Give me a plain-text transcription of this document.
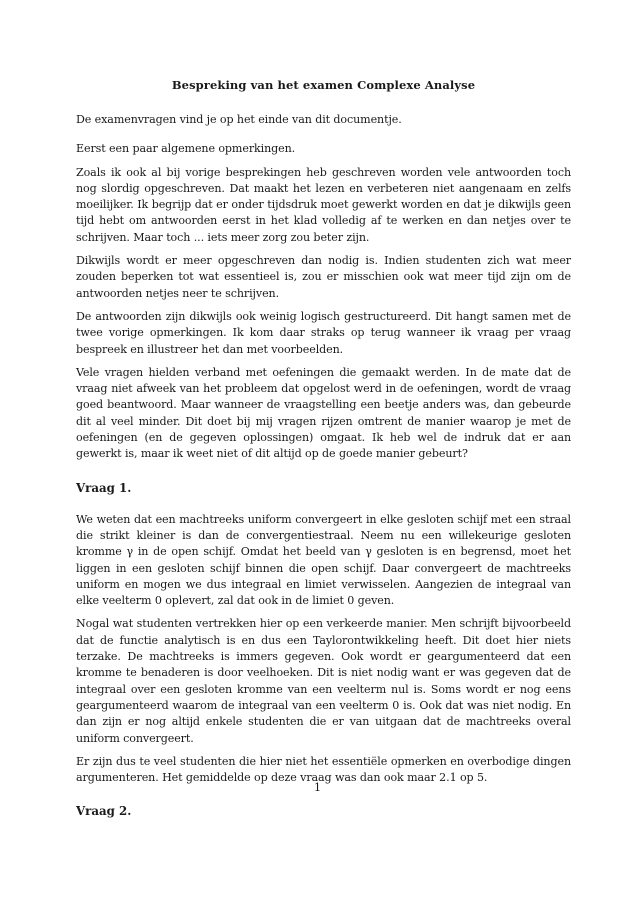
Bespreking van het examen Complexe Analyse

De examenvragen vind je op het einde van dit documentje.

Eerst een paar algemene opmerkingen.

Zoals ik ook al bij vorige besprekingen heb geschreven worden vele antwoorden toch nog slordig opgeschreven. Dat maakt het lezen en verbeteren niet aangenaam en zelfs moeilijker. Ik begrijp dat er onder tijdsdruk moet gewerkt worden en dat je dikwijls geen tijd hebt om antwoorden eerst in het klad volledig af te werken en dan netjes over te schrijven. Maar toch ... iets meer zorg zou beter zijn.

Dikwijls wordt er meer opgeschreven dan nodig is. Indien studenten zich wat meer zouden beperken tot wat essentieel is, zou er misschien ook wat meer tijd zijn om de antwoorden netjes neer te schrijven.

De antwoorden zijn dikwijls ook weinig logisch gestructureerd. Dit hangt samen met de twee vorige opmerkingen. Ik kom daar straks op terug wanneer ik vraag per vraag bespreek en illustreer het dan met voorbeelden.

Vele vragen hielden verband met oefeningen die gemaakt werden. In de mate dat de vraag niet afweek van het probleem dat opgelost werd in de oefeningen, wordt de vraag goed beantwoord. Maar wanneer de vraagstelling een beetje anders was, dan gebeurde dit al veel minder. Dit doet bij mij vragen rijzen omtrent de manier waarop je met de oefeningen (en de gegeven oplossingen) omgaat. Ik heb wel de indruk dat er aan gewerkt is, maar ik weet niet of dit altijd op de goede manier gebeurt?

Vraag 1.

We weten dat een machtreeks uniform convergeert in elke gesloten schijf met een straal die strikt kleiner is dan de convergentiestraal. Neem nu een willekeurige gesloten kromme γ in de open schijf. Omdat het beeld van γ gesloten is en begrensd, moet het liggen in een gesloten schijf binnen die open schijf. Daar convergeert de machtreeks uniform en mogen we dus integraal en limiet verwisselen. Aangezien de integraal van elke veelterm 0 oplevert, zal dat ook in de limiet 0 geven.

Nogal wat studenten vertrekken hier op een verkeerde manier. Men schrijft bijvoorbeeld dat de functie analytisch is en dus een Taylorontwikkeling heeft. Dit doet hier niets terzake. De machtreeks is immers gegeven. Ook wordt er geargumenteerd dat een kromme te benaderen is door veelhoeken. Dit is niet nodig want er was gegeven dat de integraal over een gesloten kromme van een veelterm nul is. Soms wordt er nog eens geargumenteerd waarom de integraal van een veelterm 0 is. Ook dat was niet nodig. En dan zijn er nog altijd enkele studenten die er van uitgaan dat de machtreeks overal uniform convergeert.

Er zijn dus te veel studenten die hier niet het essentiële opmerken en overbodige dingen argumenteren. Het gemiddelde op deze vraag was dan ook maar 2.1 op 5.

Vraag 2.
1
